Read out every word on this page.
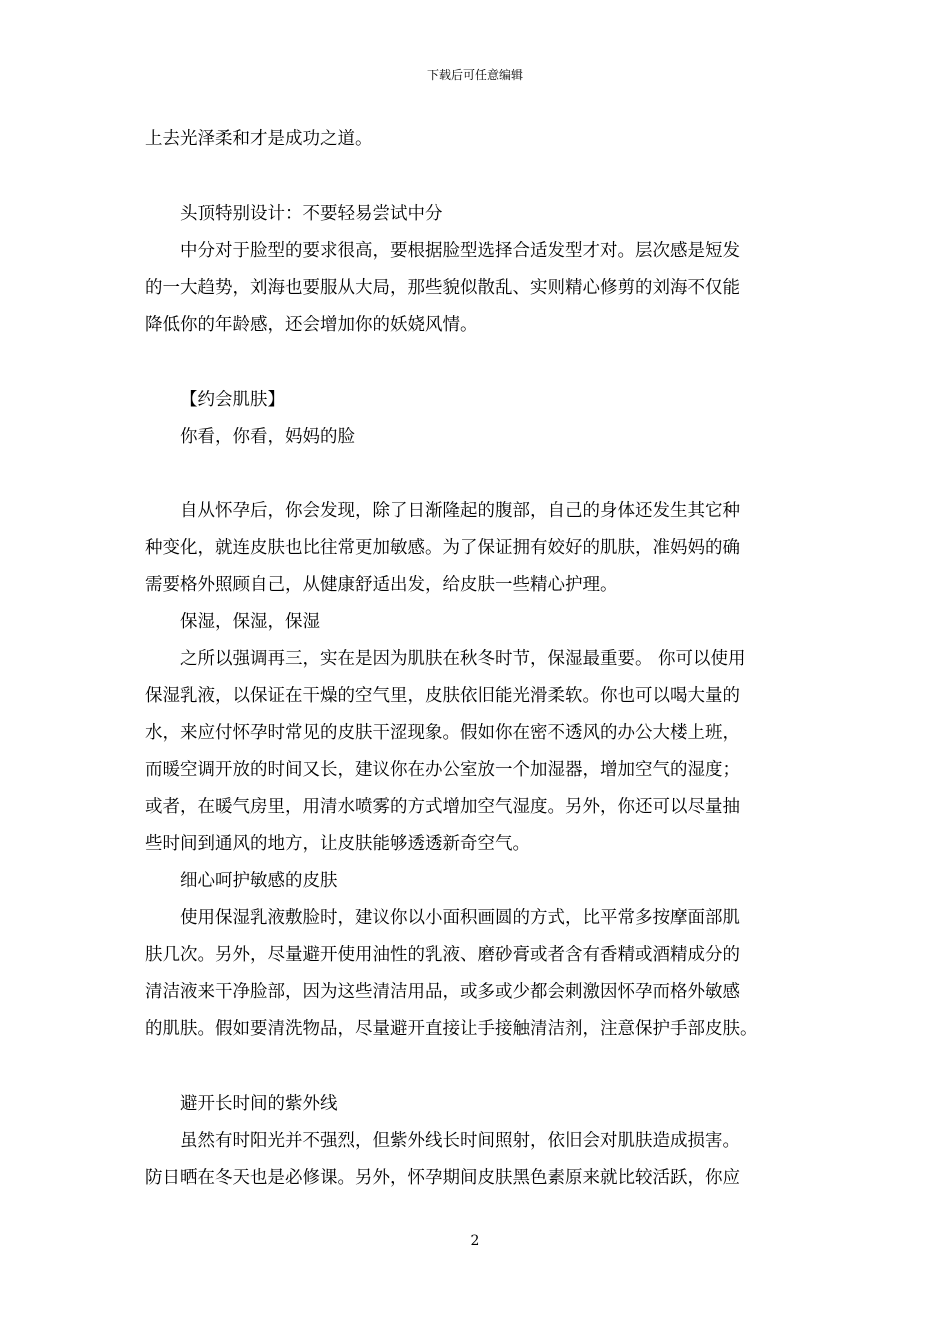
下载后可任意编辑
上去光泽柔和才是成功之道。
头顶特别设计：不要轻易尝试中分
中分对于脸型的要求很高，要根据脸型选择合适发型才对。层次感是短发
的一大趋势，刘海也要服从大局，那些貌似散乱、实则精心修剪的刘海不仅能
降低你的年龄感，还会增加你的妖娆风情。
【约会肌肤】
你看，你看，妈妈的脸
自从怀孕后，你会发现，除了日渐隆起的腹部，自己的身体还发生其它种
种变化，就连皮肤也比往常更加敏感。为了保证拥有姣好的肌肤，准妈妈的确
需要格外照顾自己，从健康舒适出发，给皮肤一些精心护理。
保湿，保湿，保湿
之所以强调再三，实在是因为肌肤在秋冬时节，保湿最重要。 你可以使用
保湿乳液，以保证在干燥的空气里，皮肤依旧能光滑柔软。你也可以喝大量的
水，来应付怀孕时常见的皮肤干涩现象。假如你在密不透风的办公大楼上班，
而暖空调开放的时间又长，建议你在办公室放一个加湿器，增加空气的湿度；
或者，在暖气房里，用清水喷雾的方式增加空气湿度。另外，你还可以尽量抽
些时间到通风的地方，让皮肤能够透透新奇空气。
细心呵护敏感的皮肤
使用保湿乳液敷脸时，建议你以小面积画圆的方式，比平常多按摩面部肌
肤几次。另外，尽量避开使用油性的乳液、磨砂膏或者含有香精或酒精成分的
清洁液来干净脸部，因为这些清洁用品，或多或少都会刺激因怀孕而格外敏感
的肌肤。假如要清洗物品，尽量避开直接让手接触清洁剂，注意保护手部皮肤。
避开长时间的紫外线
虽然有时阳光并不强烈，但紫外线长时间照射，依旧会对肌肤造成损害。
防日晒在冬天也是必修课。另外，怀孕期间皮肤黑色素原来就比较活跃，你应
2
